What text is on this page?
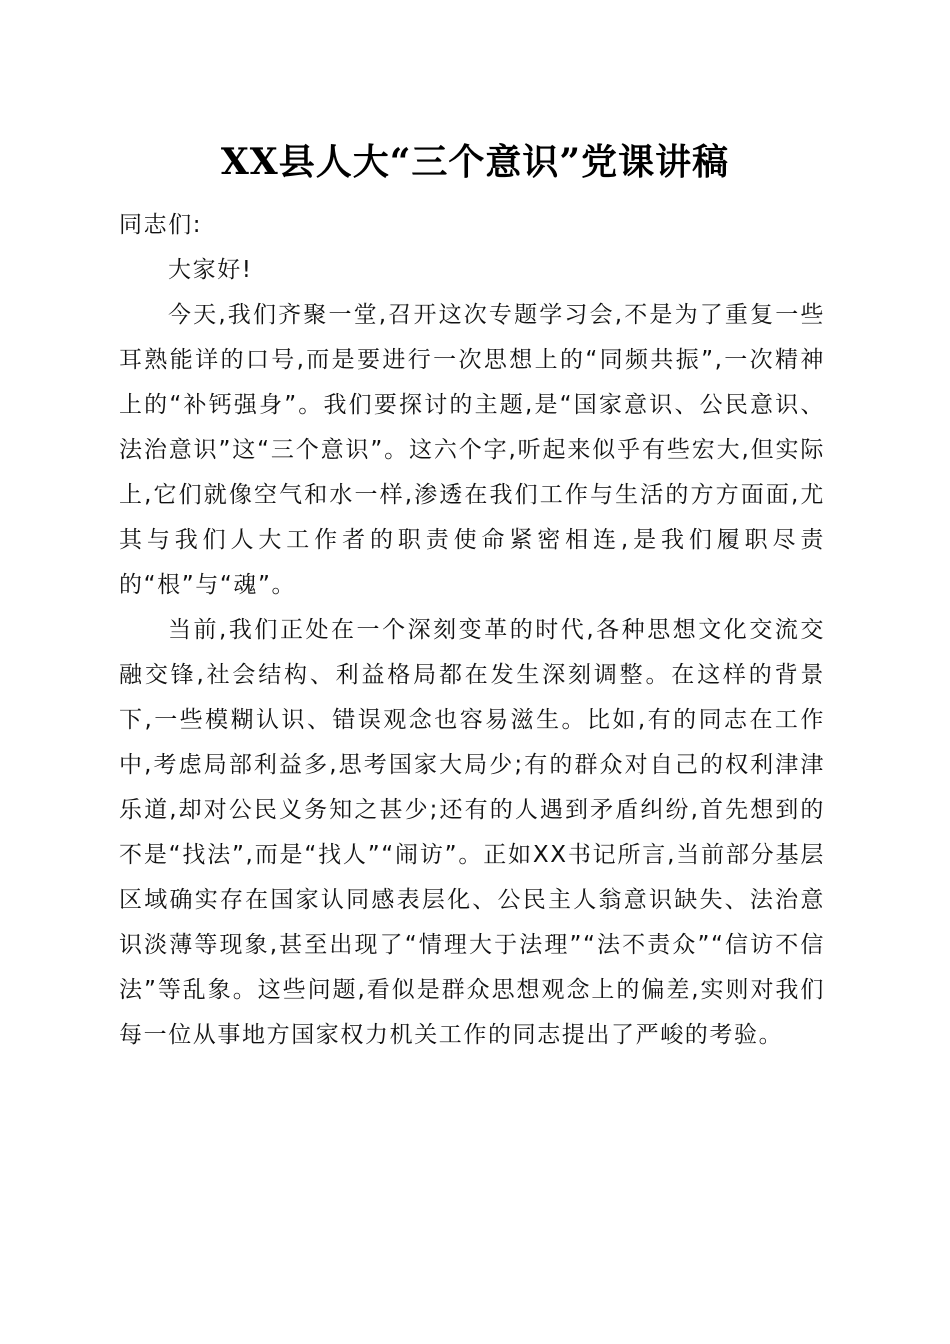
XX县人大“三个意识”党课讲稿

同志们:

大家好!

今天,我们齐聚一堂,召开这次专题学习会,不是为了重复一些耳熟能详的口号,而是要进行一次思想上的“同频共振”,一次精神上的“补钙强身”。我们要探讨的主题,是“国家意识、公民意识、法治意识”这“三个意识”。这六个字,听起来似乎有些宏大,但实际上,它们就像空气和水一样,渗透在我们工作与生活的方方面面,尤其与我们人大工作者的职责使命紧密相连,是我们履职尽责的“根”与“魂”。

当前,我们正处在一个深刻变革的时代,各种思想文化交流交融交锋,社会结构、利益格局都在发生深刻调整。在这样的背景下,一些模糊认识、错误观念也容易滋生。比如,有的同志在工作中,考虑局部利益多,思考国家大局少;有的群众对自己的权利津津乐道,却对公民义务知之甚少;还有的人遇到矛盾纠纷,首先想到的不是“找法”,而是“找人”“闹访”。正如XX书记所言,当前部分基层区域确实存在国家认同感表层化、公民主人翁意识缺失、法治意识淡薄等现象,甚至出现了“情理大于法理”“法不责众”“信访不信法”等乱象。这些问题,看似是群众思想观念上的偏差,实则对我们每一位从事地方国家权力机关工作的同志提出了严峻的考验。
